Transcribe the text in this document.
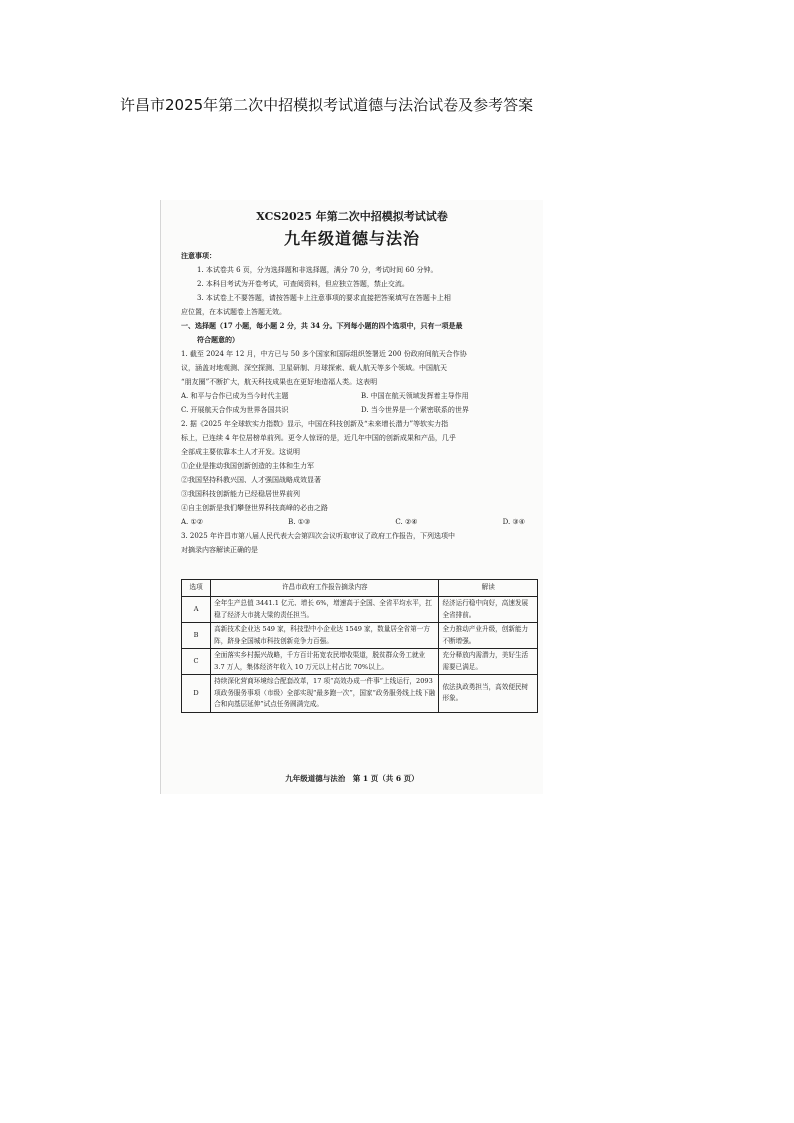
许昌市2025年第二次中招模拟考试道德与法治试卷及参考答案
XCS2025 年第二次中招模拟考试试卷
九年级道德与法治
注意事项：
1. 本试卷共 6 页，分为选择题和非选择题，满分 70 分，考试时间 60 分钟。
2. 本科目考试为开卷考试，可查阅资料，但应独立答题，禁止交流。
3. 本试卷上不要答题，请按答题卡上注意事项的要求直接把答案填写在答题卡上相
应位置，在本试题卷上答题无效。
一、选择题（17 小题，每小题 2 分，共 34 分。下列每小题的四个选项中，只有一项是最
符合题意的）
1. 截至 2024 年 12 月，中方已与 50 多个国家和国际组织签署近 200 份政府间航天合作协
议，涵盖对地观测、深空探测、卫星研制、月球探索、载人航天等多个领域。中国航天
“朋友圈”不断扩大，航天科技成果也在更好地造福人类。这表明
A. 和平与合作已成为当今时代主题	B. 中国在航天领域发挥着主导作用
C. 开展航天合作成为世界各国共识	D. 当今世界是一个紧密联系的世界
2. 据《2025 年全球软实力指数》显示，中国在科技创新及“未来增长潜力”等软实力指
标上，已连续 4 年位居榜单前列。更令人惊讶的是，近几年中国的创新成果和产品，几乎
全部成主要依靠本土人才开发。这说明
①企业是推动我国创新创造的主体和生力军
②我国坚持科教兴国、人才强国战略成效显著
③我国科技创新能力已经稳居世界前列
④自主创新是我们攀登世界科技高峰的必由之路
A. ①②	B. ①③	C. ②④	D. ③④
3. 2025 年许昌市第八届人民代表大会第四次会议听取审议了政府工作报告，下列选项中
对摘录内容解读正确的是
选项	许昌市政府工作报告摘录内容	解读
A	全年生产总值 3441.1 亿元、增长 6%，增速高于全国、全省平均水平，扛稳了经济大市挑大梁的责任担当。	经济运行稳中向好，高速发展全省排前。
B	高新技术企业达 549 家，科技型中小企业达 1549 家，数量居全省第一方阵，跻身全国城市科技创新竞争力百强。	全力推动产业升级，创新能力不断增强。
C	全面落实乡村振兴战略，千方百计拓宽农民增收渠道，脱贫群众务工就业 3.7 万人，集体经济年收入 10 万元以上村占比 70%以上。	充分释放内需潜力，美好生活需要已满足。
D	持续深化营商环境综合配套改革，17 项“高效办成一件事”上线运行，2093 项政务服务事项（市级）全部实现“最多跑一次”，国家“政务服务线上线下融合和向基层延伸”试点任务圆满完成。	依法执政勇担当，高效便民树形象。
九年级道德与法治　第 1 页（共 6 页）
